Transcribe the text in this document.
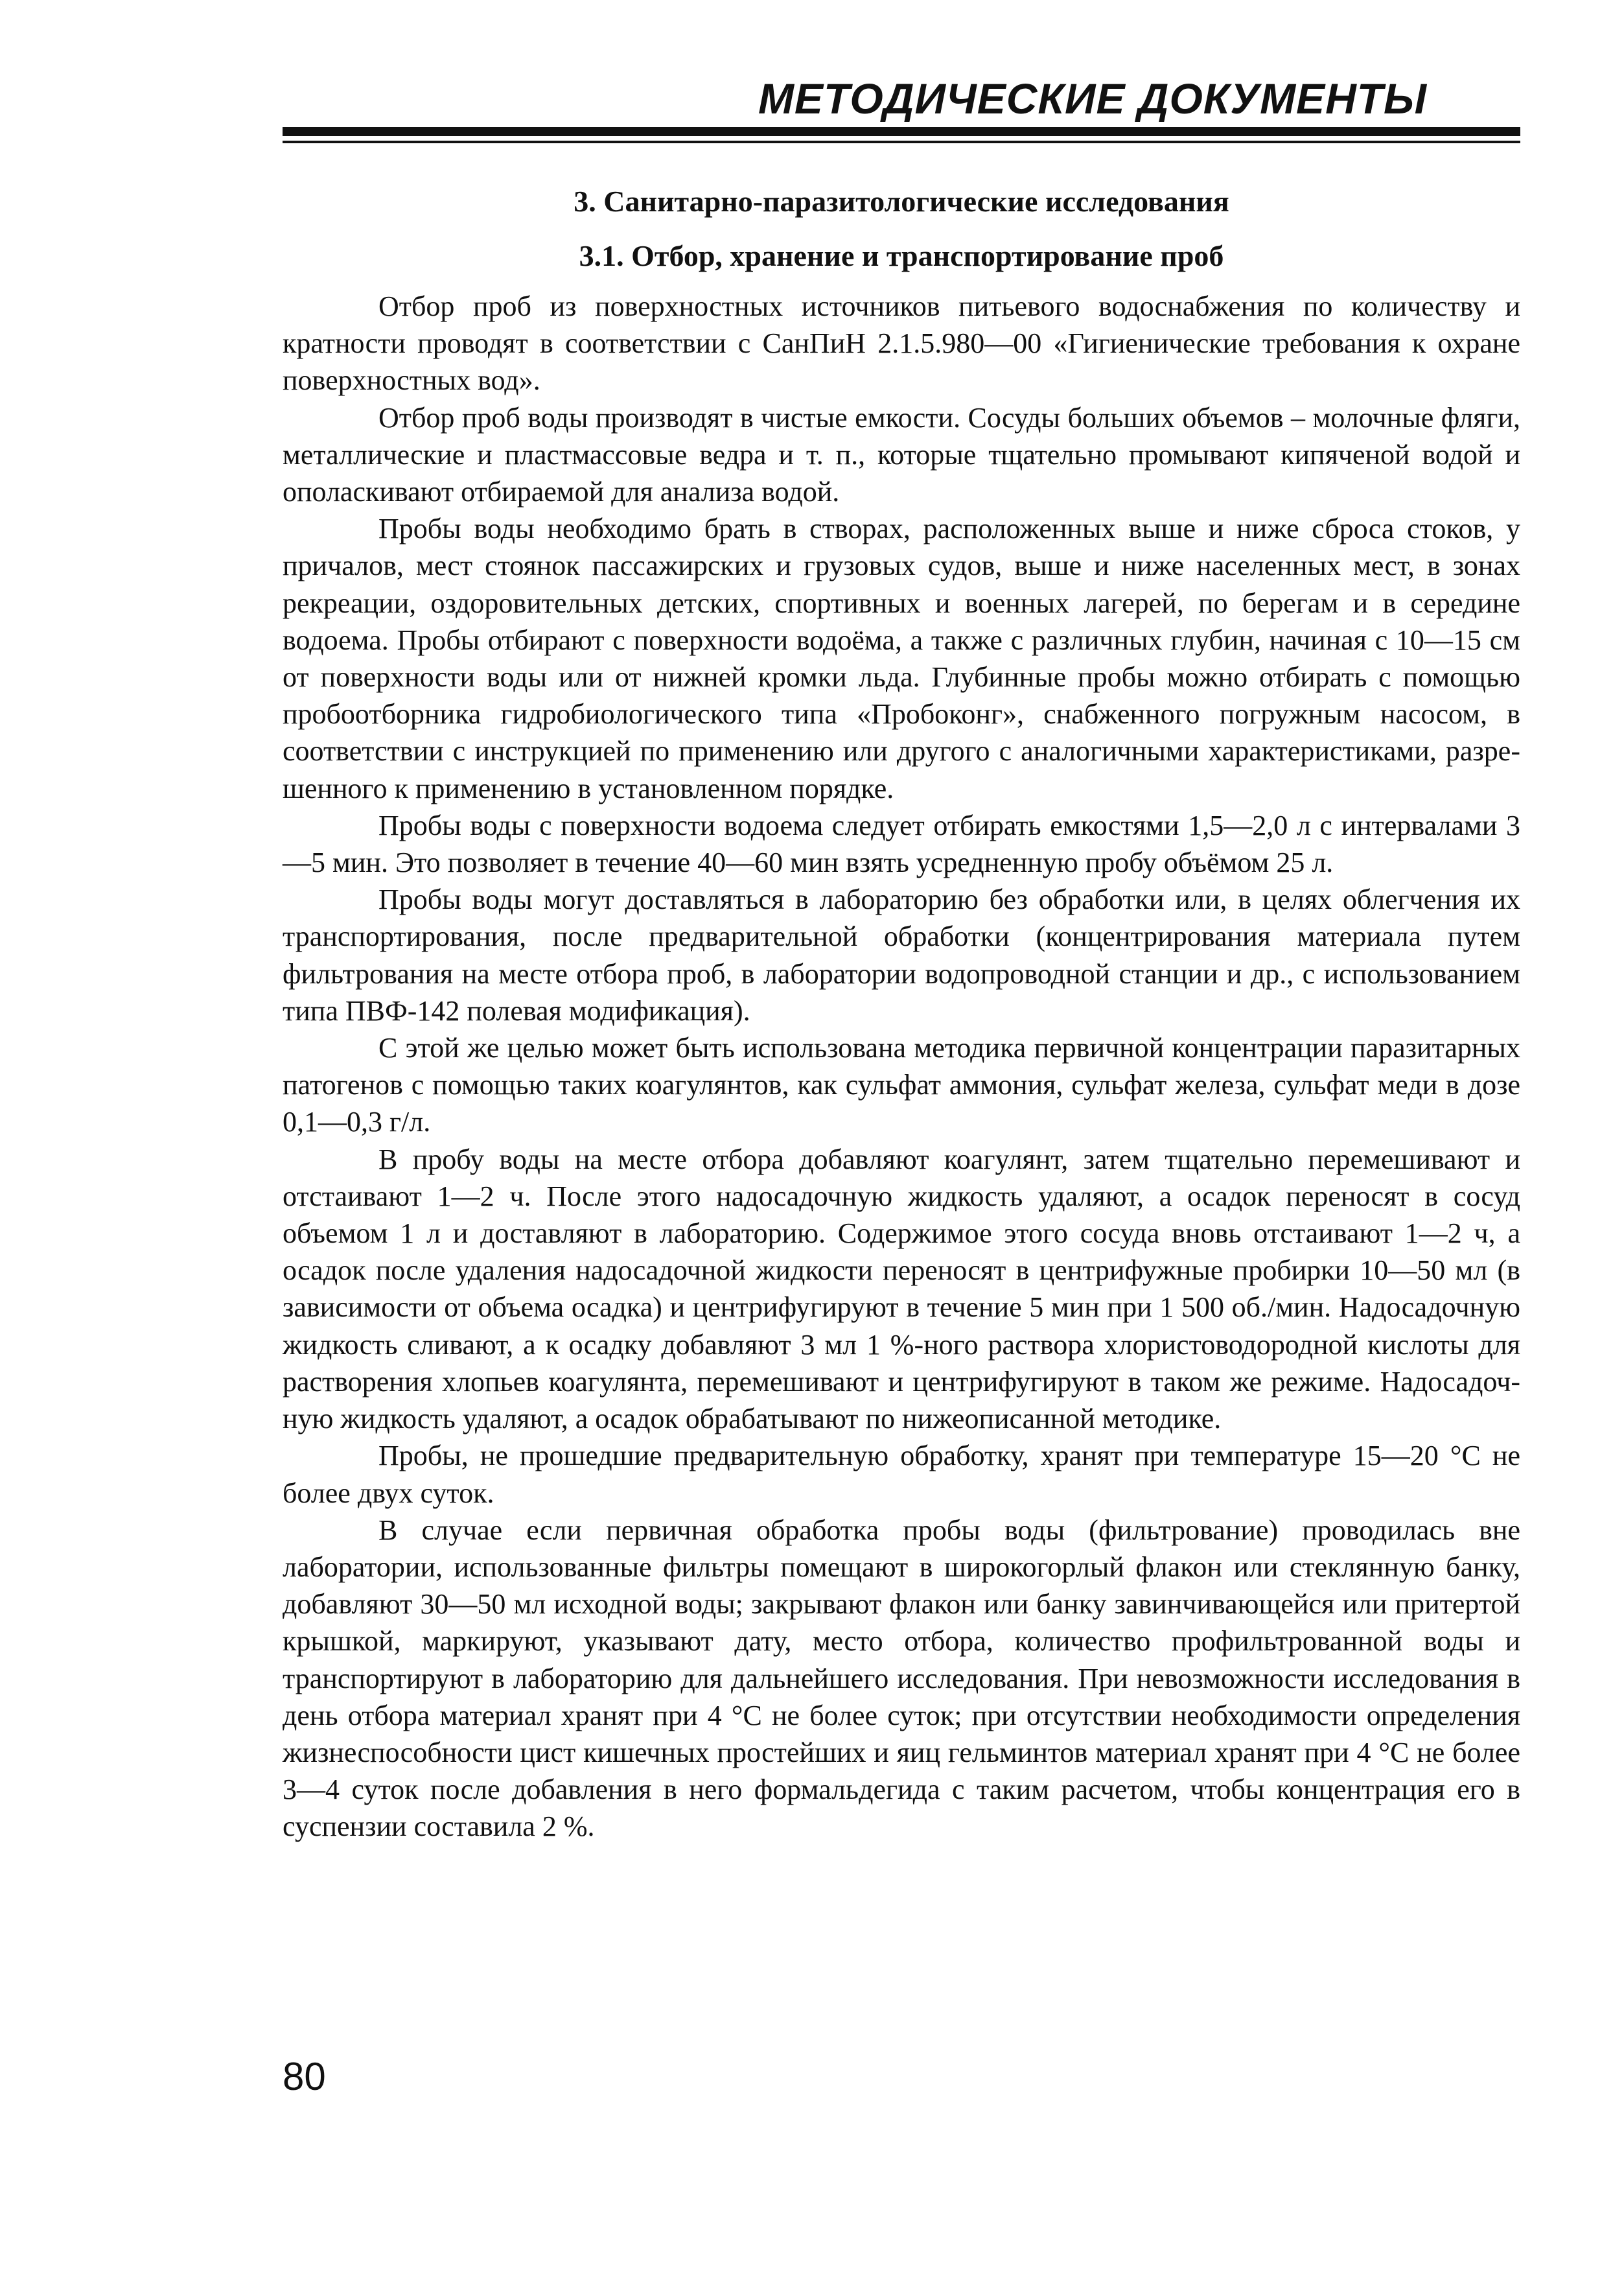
МЕТОДИЧЕСКИЕ ДОКУМЕНТЫ
3. Санитарно-паразитологические исследования
3.1. Отбор, хранение и транспортирование проб

Отбор проб из поверхностных источников питьевого водоснабжения по количеству и кратности проводят в соответствии с СанПиН 2.1.5.980—00 «Гигиенические требования к охране поверхностных вод».

Отбор проб воды производят в чистые емкости. Сосуды больших объемов – молочные фляги, металлические и пластмассовые ведра и т. п., которые тщательно промывают кипяченой водой и ополаскивают отбираемой для анализа водой.

Пробы воды необходимо брать в створах, расположенных выше и ниже сброса стоков, у причалов, мест стоянок пассажирских и грузовых судов, выше и ниже населенных мест, в зонах рекреации, оздоровительных детских, спортивных и военных лагерей, по берегам и в середине водоема. Пробы отбирают с поверхности водоёма, а также с различных глубин, начиная с 10—15 см от поверхности воды или от нижней кромки льда. Глубинные пробы можно отбирать с помощью пробоотборника гидробиологического типа «Пробоконг», снабженного погружным насосом, в соответствии с инструкцией по применению или другого с аналогичными характеристиками, разрешенного к применению в установленном порядке.

Пробы воды с поверхности водоема следует отбирать емкостями 1,5—2,0 л с интервалами 3—5 мин. Это позволяет в течение 40—60 мин взять усредненную пробу объёмом 25 л.

Пробы воды могут доставляться в лабораторию без обработки или, в целях облегчения их транспортирования, после предварительной обработки (концентрирования материала путем фильтрования на месте отбора проб, в лаборатории водопроводной станции и др., с использованием типа ПВФ-142 полевая модификация).

С этой же целью может быть использована методика первичной концентрации паразитарных патогенов с помощью таких коагулянтов, как сульфат аммония, сульфат железа, сульфат меди в дозе 0,1—0,3 г/л.

В пробу воды на месте отбора добавляют коагулянт, затем тщательно перемешивают и отстаивают 1—2 ч. После этого надосадочную жидкость удаляют, а осадок переносят в сосуд объемом 1 л и доставляют в лабораторию. Содержимое этого сосуда вновь отстаивают 1—2 ч, а осадок после удаления надосадочной жидкости переносят в центрифужные пробирки 10—50 мл (в зависимости от объема осадка) и центрифугируют в течение 5 мин при 1 500 об./мин. Надосадочную жидкость сливают, а к осадку добавляют 3 мл 1 %-ного раствора хлористоводородной кислоты для растворения хлопьев коагулянта, перемешивают и центрифугируют в таком же режиме. Надосадочную жидкость удаляют, а осадок обрабатывают по нижеописанной методике.

Пробы, не прошедшие предварительную обработку, хранят при температуре 15—20 °С не более двух суток.

В случае если первичная обработка пробы воды (фильтрование) проводилась вне лаборатории, использованные фильтры помещают в широкогорлый флакон или стеклянную банку, добавляют 30—50 мл исходной воды; закрывают флакон или банку завинчивающейся или притертой крышкой, маркируют, указывают дату, место отбора, количество профильтрованной воды и транспортируют в лабораторию для дальнейшего исследования. При невозможности исследования в день отбора материал хранят при 4 °С не более суток; при отсутствии необходимости определения жизнеспособности цист кишечных простейших и яиц гельминтов материал хранят при 4 °С не более 3—4 суток после добавления в него формальдегида с таким расчетом, чтобы концентрация его в суспензии составила 2 %.

80
